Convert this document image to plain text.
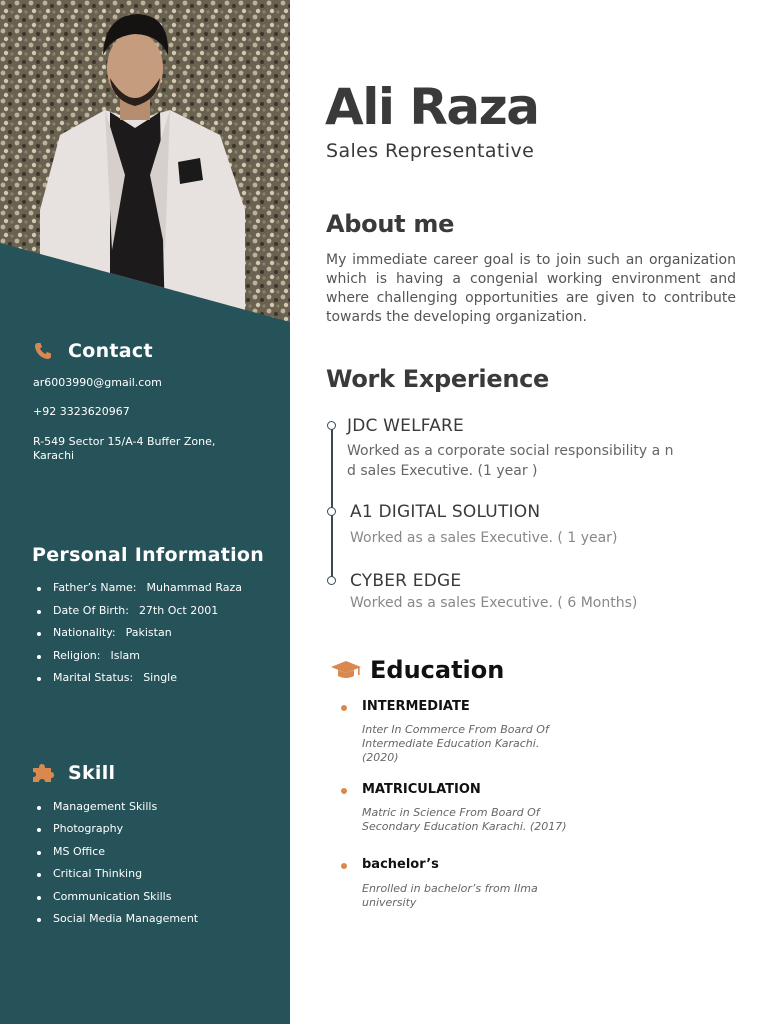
Contact
ar6003990@gmail.com
+92 3323620967
R-549 Sector 15/A-4 Buffer Zone, Karachi
Personal Information
Father’s Name: Muhammad Raza
Date Of Birth: 27th Oct 2001
Nationality: Pakistan
Religion: Islam
Marital Status: Single
Skill
Management Skills
Photography
MS Office
Critical Thinking
Communication Skills
Social Media Management
Ali Raza
Sales Representative
About me
My immediate career goal is to join such an organization which is having a congenial working environment and where challenging opportunities are given to contribute towards the developing organization.
Work Experience
JDC WELFARE
Worked as a corporate social responsibility a n d sales Executive. (1 year )
A1 DIGITAL SOLUTION
Worked as a sales Executive. ( 1 year)
CYBER EDGE
Worked as a sales Executive. ( 6 Months)
Education
INTERMEDIATE
Inter In Commerce From Board Of Intermediate Education Karachi. (2020)
MATRICULATION
Matric in Science From Board Of Secondary Education Karachi. (2017)
bachelor’s
Enrolled in bachelor’s from Ilma university
